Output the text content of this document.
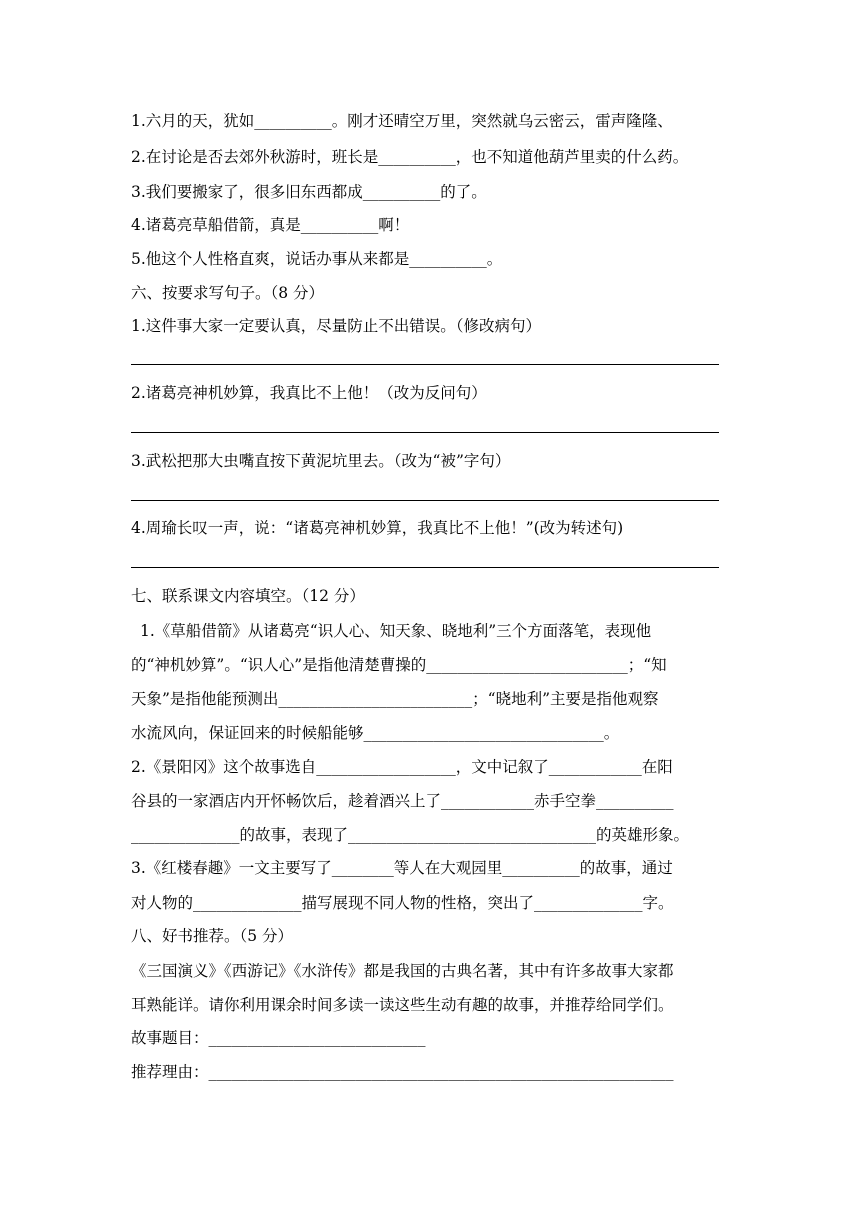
1.六月的天，犹如__________。刚才还晴空万里，突然就乌云密云，雷声隆隆、
2.在讨论是否去郊外秋游时，班长是__________，也不知道他葫芦里卖的什么药。
3.我们要搬家了，很多旧东西都成__________的了。
4.诸葛亮草船借箭，真是__________啊！
5.他这个人性格直爽，说话办事从来都是__________。
六、按要求写句子。（8 分）
1.这件事大家一定要认真，尽量防止不出错误。（修改病句）
2.诸葛亮神机妙算，我真比不上他！（改为反问句）
3.武松把那大虫嘴直按下黄泥坑里去。（改为“被”字句）
4.周瑜长叹一声，说：“诸葛亮神机妙算，我真比不上他！”(改为转述句)
七、联系课文内容填空。（12 分）
1.《草船借箭》从诸葛亮“识人心、知天象、晓地利”三个方面落笔，表现他
的“神机妙算”。“识人心”是指他清楚曹操的__________________________；“知
天象”是指他能预测出_________________________；“晓地利”主要是指他观察
水流风向，保证回来的时候船能够_______________________________。
2.《景阳冈》这个故事选自__________________，文中记叙了____________在阳
谷县的一家酒店内开怀畅饮后，趁着酒兴上了____________赤手空拳__________
______________的故事，表现了________________________________的英雄形象。
3.《红楼春趣》一文主要写了________等人在大观园里__________的故事，通过
对人物的______________描写展现不同人物的性格，突出了______________字。
八、好书推荐。（5 分）
《三国演义》《西游记》《水浒传》都是我国的古典名著，其中有许多故事大家都
耳熟能详。请你利用课余时间多读一读这些生动有趣的故事，并推荐给同学们。
故事题目：____________________________
推荐理由：____________________________________________________________
